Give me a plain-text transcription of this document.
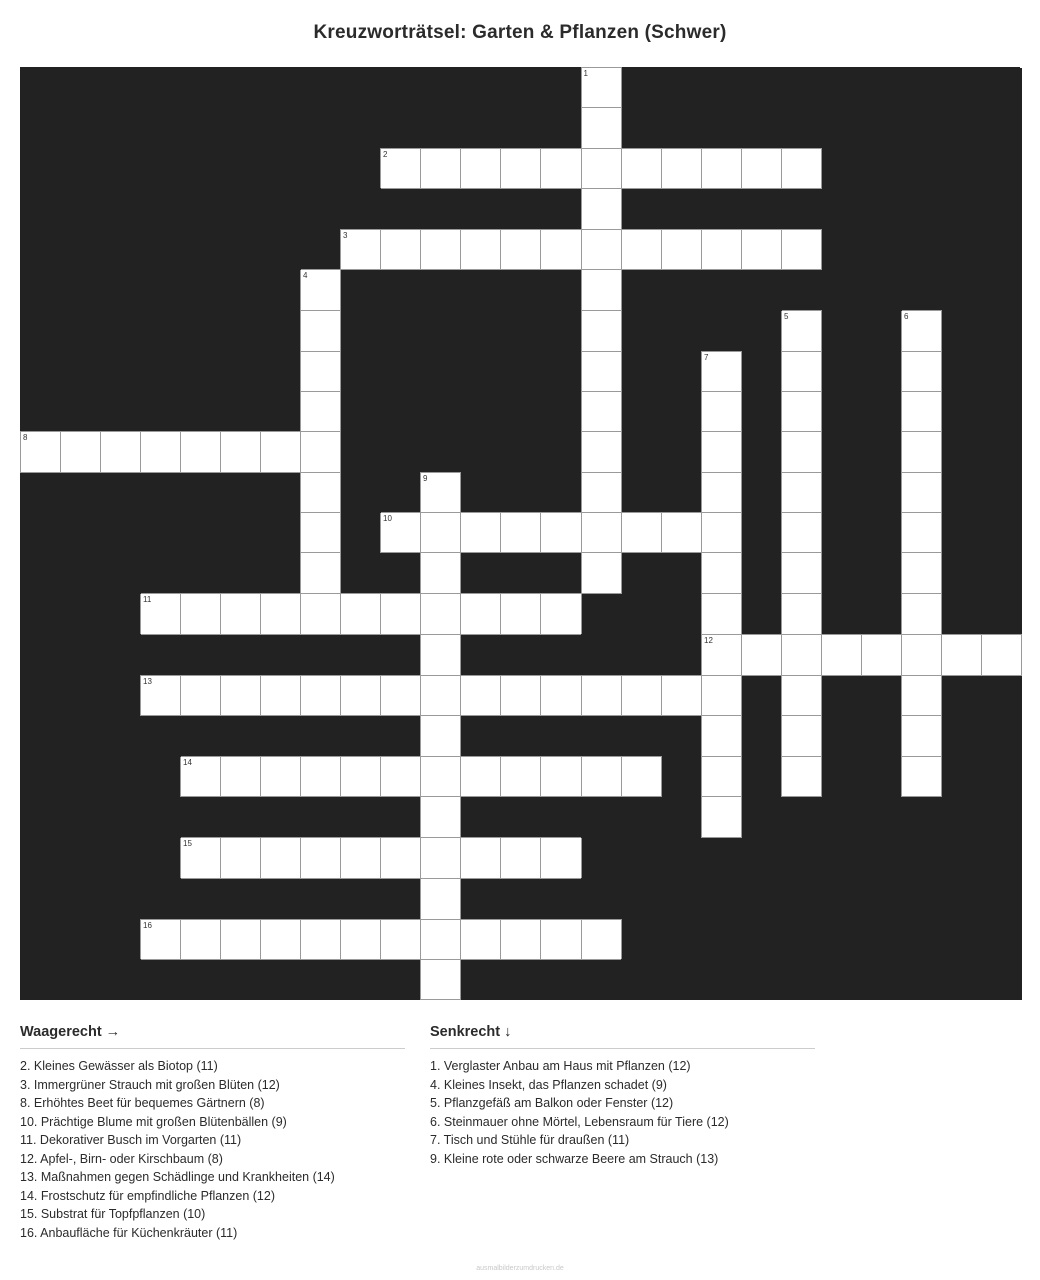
Kreuzworträtsel: Garten & Pflanzen (Schwer)

														1										

									2															

								3																

							4																	

																			5			6		

																	7							

8																								

										9														

									10															

			11																					

																	12							

			13																					

				14																				

				15																				

			16																					

Waagerecht →
2. Kleines Gewässer als Biotop (11)
3. Immergrüner Strauch mit großen Blüten (12)
8. Erhöhtes Beet für bequemes Gärtnern (8)
10. Prächtige Blume mit großen Blütenbällen (9)
11. Dekorativer Busch im Vorgarten (11)
12. Apfel-, Birn- oder Kirschbaum (8)
13. Maßnahmen gegen Schädlinge und Krankheiten (14)
14. Frostschutz für empfindliche Pflanzen (12)
15. Substrat für Topfpflanzen (10)
16. Anbaufläche für Küchenkräuter (11)
Senkrecht ↓
1. Verglaster Anbau am Haus mit Pflanzen (12)
4. Kleines Insekt, das Pflanzen schadet (9)
5. Pflanzgefäß am Balkon oder Fenster (12)
6. Steinmauer ohne Mörtel, Lebensraum für Tiere (12)
7. Tisch und Stühle für draußen (11)
9. Kleine rote oder schwarze Beere am Strauch (13)
ausmalbilderzumdrucken.de
